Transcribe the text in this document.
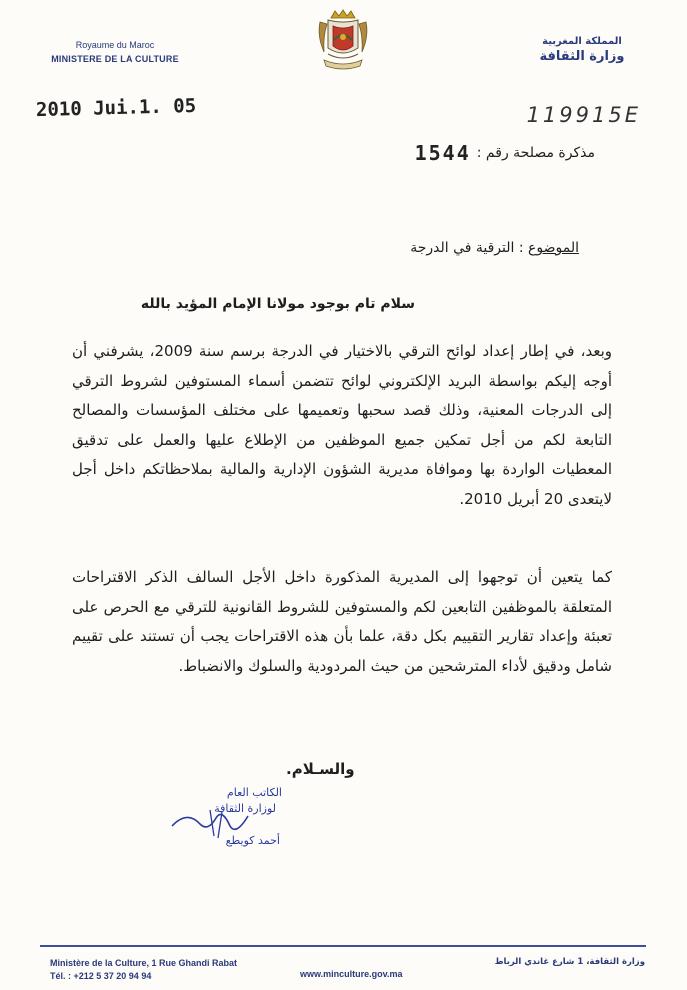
Royaume du Maroc
MINISTERE DE LA CULTURE
المملكة المغربية
وزارة الثقافة
2010 Jui.1. 05	119915E
مذكرة مصلحة رقم :
1544
الموضوع : الترقية في الدرجة
سلام تام بوجود مولانا الإمام المؤيد بالله
وبعد، في إطار إعداد لوائح الترقي بالاختيار في الدرجة برسم سنة 2009، يشرفني أن أوجه إليكم بواسطة البريد الإلكتروني لوائح تتضمن أسماء المستوفين لشروط الترقي إلى الدرجات المعنية، وذلك قصد سحبها وتعميمها على مختلف المؤسسات والمصالح التابعة لكم من أجل تمكين جميع الموظفين من الإطلاع عليها والعمل على تدقيق المعطيات الواردة بها وموافاة مديرية الشؤون الإدارية والمالية بملاحظاتكم داخل أجل لايتعدى 20 أبريل 2010.
كما يتعين أن توجهوا إلى المديرية المذكورة داخل الأجل السالف الذكر الاقتراحات المتعلقة بالموظفين التابعين لكم والمستوفين للشروط القانونية للترقي مع الحرص على تعبئة وإعداد تقارير التقييم بكل دقة، علما بأن هذه الاقتراحات يجب أن تستند على تقييم شامل ودقيق لأداء المترشحين من حيث المردودية والسلوك والانضباط.
والسـلام.
الكاتب العام
لوزارة الثقافة
أحمد كويطع
Ministère de la Culture, 1 Rue Ghandi Rabat
Tél. : +212 5 37 20 94 94	www.minculture.gov.ma
وزارة الثقافة، 1 شارع غاندي الرباط
